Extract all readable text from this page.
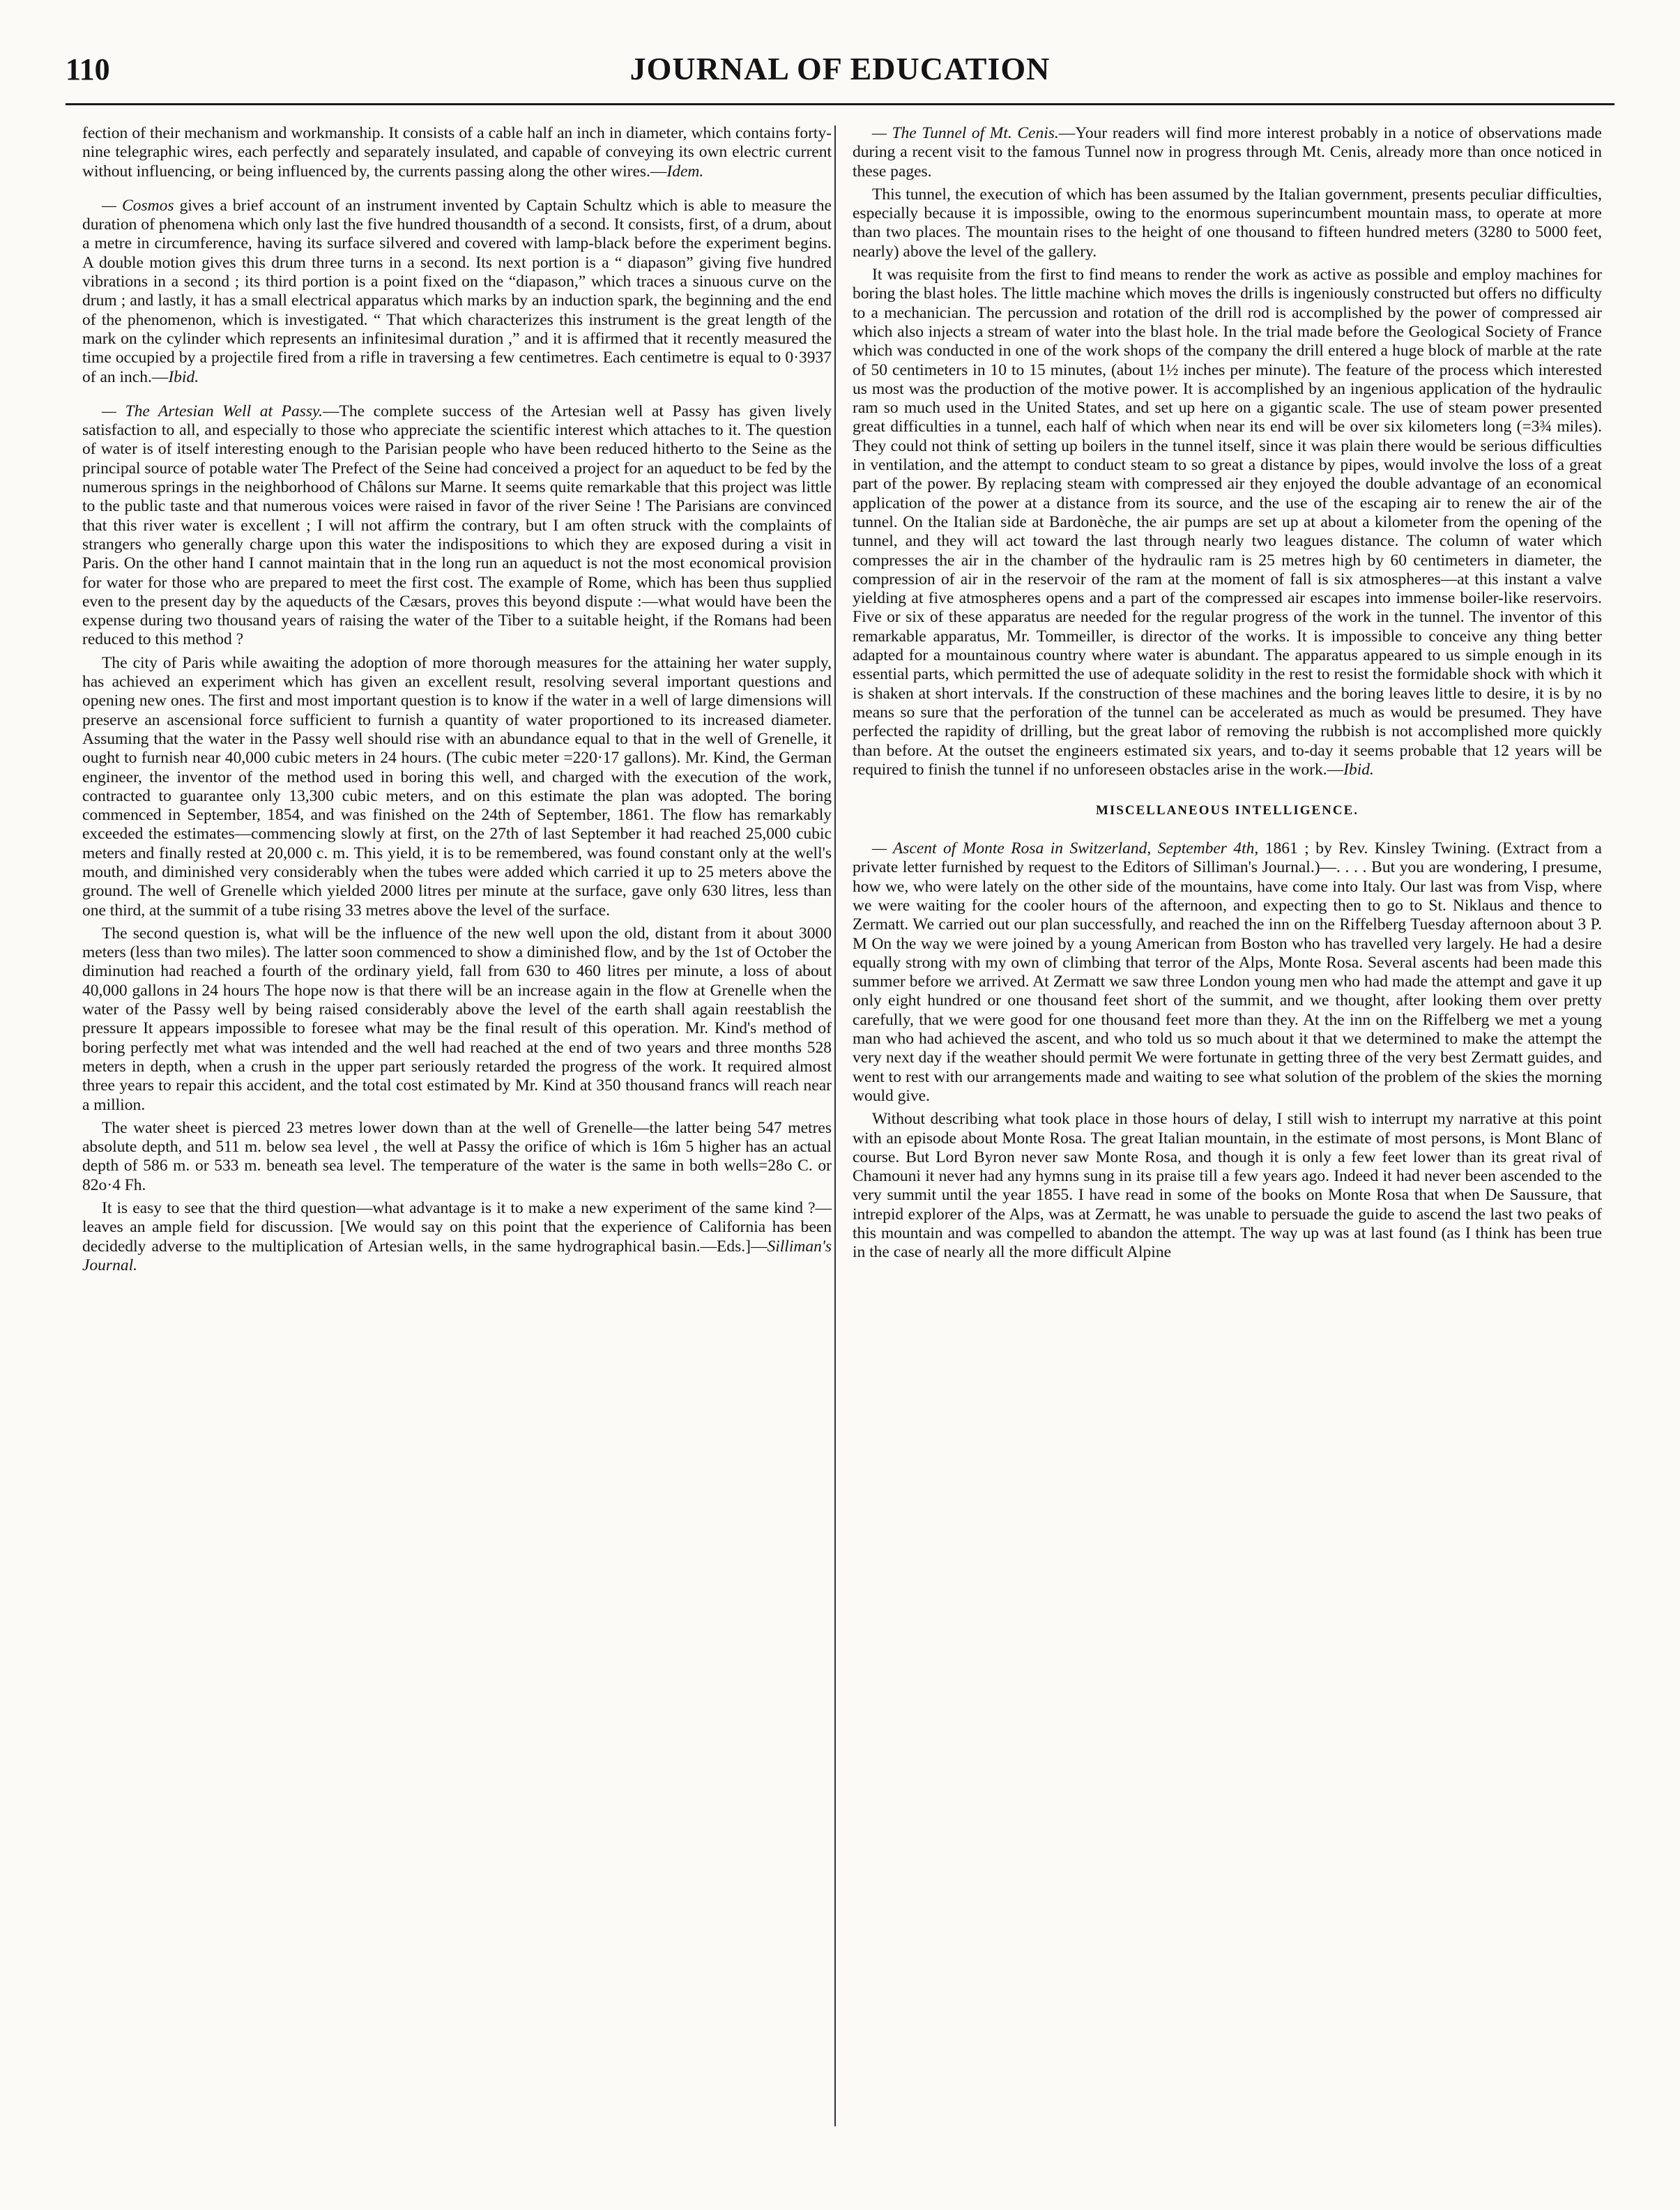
110	JOURNAL OF EDUCATION

fection of their mechanism and workmanship. It consists of a cable half an inch in diameter, which contains forty-nine telegraphic wires, each perfectly and separately insulated, and capable of conveying its own electric current without influencing, or being influenced by, the currents passing along the other wires.—Idem.

— Cosmos gives a brief account of an instrument invented by Captain Schultz which is able to measure the duration of phenomena which only last the five hundred thousandth of a second. It consists, first, of a drum, about a metre in circumference, having its surface silvered and covered with lamp-black before the experiment begins. A double motion gives this drum three turns in a second. Its next portion is a “ diapason” giving five hundred vibrations in a second ; its third portion is a point fixed on the “diapason,” which traces a sinuous curve on the drum ; and lastly, it has a small electrical apparatus which marks by an induction spark, the beginning and the end of the phenomenon, which is investigated. “ That which characterizes this instrument is the great length of the mark on the cylinder which represents an infinitesimal duration ,” and it is affirmed that it recently measured the time occupied by a projectile fired from a rifle in traversing a few centimetres. Each centimetre is equal to 0·3937 of an inch.—Ibid.

— The Artesian Well at Passy.—The complete success of the Artesian well at Passy has given lively satisfaction to all, and especially to those who appreciate the scientific interest which attaches to it. The question of water is of itself interesting enough to the Parisian people who have been reduced hitherto to the Seine as the principal source of potable water The Prefect of the Seine had conceived a project for an aqueduct to be fed by the numerous springs in the neighborhood of Châlons sur Marne. It seems quite remarkable that this project was little to the public taste and that numerous voices were raised in favor of the river Seine ! The Parisians are convinced that this river water is excellent ; I will not affirm the contrary, but I am often struck with the complaints of strangers who generally charge upon this water the indispositions to which they are exposed during a visit in Paris. On the other hand I cannot maintain that in the long run an aqueduct is not the most economical provision for water for those who are prepared to meet the first cost. The example of Rome, which has been thus supplied even to the present day by the aqueducts of the Cæsars, proves this beyond dispute :—what would have been the expense during two thousand years of raising the water of the Tiber to a suitable height, if the Romans had been reduced to this method ?

The city of Paris while awaiting the adoption of more thorough measures for the attaining her water supply, has achieved an experiment which has given an excellent result, resolving several important questions and opening new ones. The first and most important question is to know if the water in a well of large dimensions will preserve an ascensional force sufficient to furnish a quantity of water proportioned to its increased diameter. Assuming that the water in the Passy well should rise with an abundance equal to that in the well of Grenelle, it ought to furnish near 40,000 cubic meters in 24 hours. (The cubic meter =220·17 gallons). Mr. Kind, the German engineer, the inventor of the method used in boring this well, and charged with the execution of the work, contracted to guarantee only 13,300 cubic meters, and on this estimate the plan was adopted. The boring commenced in September, 1854, and was finished on the 24th of September, 1861. The flow has remarkably exceeded the estimates—commencing slowly at first, on the 27th of last September it had reached 25,000 cubic meters and finally rested at 20,000 c. m. This yield, it is to be remembered, was found constant only at the well's mouth, and diminished very considerably when the tubes were added which carried it up to 25 meters above the ground. The well of Grenelle which yielded 2000 litres per minute at the surface, gave only 630 litres, less than one third, at the summit of a tube rising 33 metres above the level of the surface.

The second question is, what will be the influence of the new well upon the old, distant from it about 3000 meters (less than two miles). The latter soon commenced to show a diminished flow, and by the 1st of October the diminution had reached a fourth of the ordinary yield, fall from 630 to 460 litres per minute, a loss of about 40,000 gallons in 24 hours The hope now is that there will be an increase again in the flow at Grenelle when the water of the Passy well by being raised considerably above the level of the earth shall again reestablish the pressure It appears impossible to foresee what may be the final result of this operation. Mr. Kind's method of boring perfectly met what was intended and the well had reached at the end of two years and three months 528 meters in depth, when a crush in the upper part seriously retarded the progress of the work. It required almost three years to repair this accident, and the total cost estimated by Mr. Kind at 350 thousand francs will reach near a million.

The water sheet is pierced 23 metres lower down than at the well of Grenelle—the latter being 547 metres absolute depth, and 511 m. below sea level , the well at Passy the orifice of which is 16m 5 higher has an actual depth of 586 m. or 533 m. beneath sea level. The temperature of the water is the same in both wells=28o C. or 82o·4 Fh.

It is easy to see that the third question—what advantage is it to make a new experiment of the same kind ?—leaves an ample field for discussion. [We would say on this point that the experience of California has been decidedly adverse to the multiplication of Artesian wells, in the same hydrographical basin.—Eds.]—Silliman's Journal.

— The Tunnel of Mt. Cenis.—Your readers will find more interest probably in a notice of observations made during a recent visit to the famous Tunnel now in progress through Mt. Cenis, already more than once noticed in these pages.

This tunnel, the execution of which has been assumed by the Italian government, presents peculiar difficulties, especially because it is impossible, owing to the enormous superincumbent mountain mass, to operate at more than two places. The mountain rises to the height of one thousand to fifteen hundred meters (3280 to 5000 feet, nearly) above the level of the gallery.

It was requisite from the first to find means to render the work as active as possible and employ machines for boring the blast holes. The little machine which moves the drills is ingeniously constructed but offers no difficulty to a mechanician. The percussion and rotation of the drill rod is accomplished by the power of compressed air which also injects a stream of water into the blast hole. In the trial made before the Geological Society of France which was conducted in one of the work shops of the company the drill entered a huge block of marble at the rate of 50 centimeters in 10 to 15 minutes, (about 1½ inches per minute). The feature of the process which interested us most was the production of the motive power. It is accomplished by an ingenious application of the hydraulic ram so much used in the United States, and set up here on a gigantic scale. The use of steam power presented great difficulties in a tunnel, each half of which when near its end will be over six kilometers long (=3¾ miles). They could not think of setting up boilers in the tunnel itself, since it was plain there would be serious difficulties in ventilation, and the attempt to conduct steam to so great a distance by pipes, would involve the loss of a great part of the power. By replacing steam with compressed air they enjoyed the double advantage of an economical application of the power at a distance from its source, and the use of the escaping air to renew the air of the tunnel. On the Italian side at Bardonèche, the air pumps are set up at about a kilometer from the opening of the tunnel, and they will act toward the last through nearly two leagues distance. The column of water which compresses the air in the chamber of the hydraulic ram is 25 metres high by 60 centimeters in diameter, the compression of air in the reservoir of the ram at the moment of fall is six atmospheres—at this instant a valve yielding at five atmospheres opens and a part of the compressed air escapes into immense boiler-like reservoirs. Five or six of these apparatus are needed for the regular progress of the work in the tunnel. The inventor of this remarkable apparatus, Mr. Tommeiller, is director of the works. It is impossible to conceive any thing better adapted for a mountainous country where water is abundant. The apparatus appeared to us simple enough in its essential parts, which permitted the use of adequate solidity in the rest to resist the formidable shock with which it is shaken at short intervals. If the construction of these machines and the boring leaves little to desire, it is by no means so sure that the perforation of the tunnel can be accelerated as much as would be presumed. They have perfected the rapidity of drilling, but the great labor of removing the rubbish is not accomplished more quickly than before. At the outset the engineers estimated six years, and to-day it seems probable that 12 years will be required to finish the tunnel if no unforeseen obstacles arise in the work.—Ibid.

MISCELLANEOUS INTELLIGENCE.

— Ascent of Monte Rosa in Switzerland, September 4th, 1861 ; by Rev. Kinsley Twining. (Extract from a private letter furnished by request to the Editors of Silliman's Journal.)—. . . . But you are wondering, I presume, how we, who were lately on the other side of the mountains, have come into Italy. Our last was from Visp, where we were waiting for the cooler hours of the afternoon, and expecting then to go to St. Niklaus and thence to Zermatt. We carried out our plan successfully, and reached the inn on the Riffelberg Tuesday afternoon about 3 P. M On the way we were joined by a young American from Boston who has travelled very largely. He had a desire equally strong with my own of climbing that terror of the Alps, Monte Rosa. Several ascents had been made this summer before we arrived. At Zermatt we saw three London young men who had made the attempt and gave it up only eight hundred or one thousand feet short of the summit, and we thought, after looking them over pretty carefully, that we were good for one thousand feet more than they. At the inn on the Riffelberg we met a young man who had achieved the ascent, and who told us so much about it that we determined to make the attempt the very next day if the weather should permit We were fortunate in getting three of the very best Zermatt guides, and went to rest with our arrangements made and waiting to see what solution of the problem of the skies the morning would give.

Without describing what took place in those hours of delay, I still wish to interrupt my narrative at this point with an episode about Monte Rosa. The great Italian mountain, in the estimate of most persons, is Mont Blanc of course. But Lord Byron never saw Monte Rosa, and though it is only a few feet lower than its great rival of Chamouni it never had any hymns sung in its praise till a few years ago. Indeed it had never been ascended to the very summit until the year 1855. I have read in some of the books on Monte Rosa that when De Saussure, that intrepid explorer of the Alps, was at Zermatt, he was unable to persuade the guide to ascend the last two peaks of this mountain and was compelled to abandon the attempt. The way up was at last found (as I think has been true in the case of nearly all the more difficult Alpine
